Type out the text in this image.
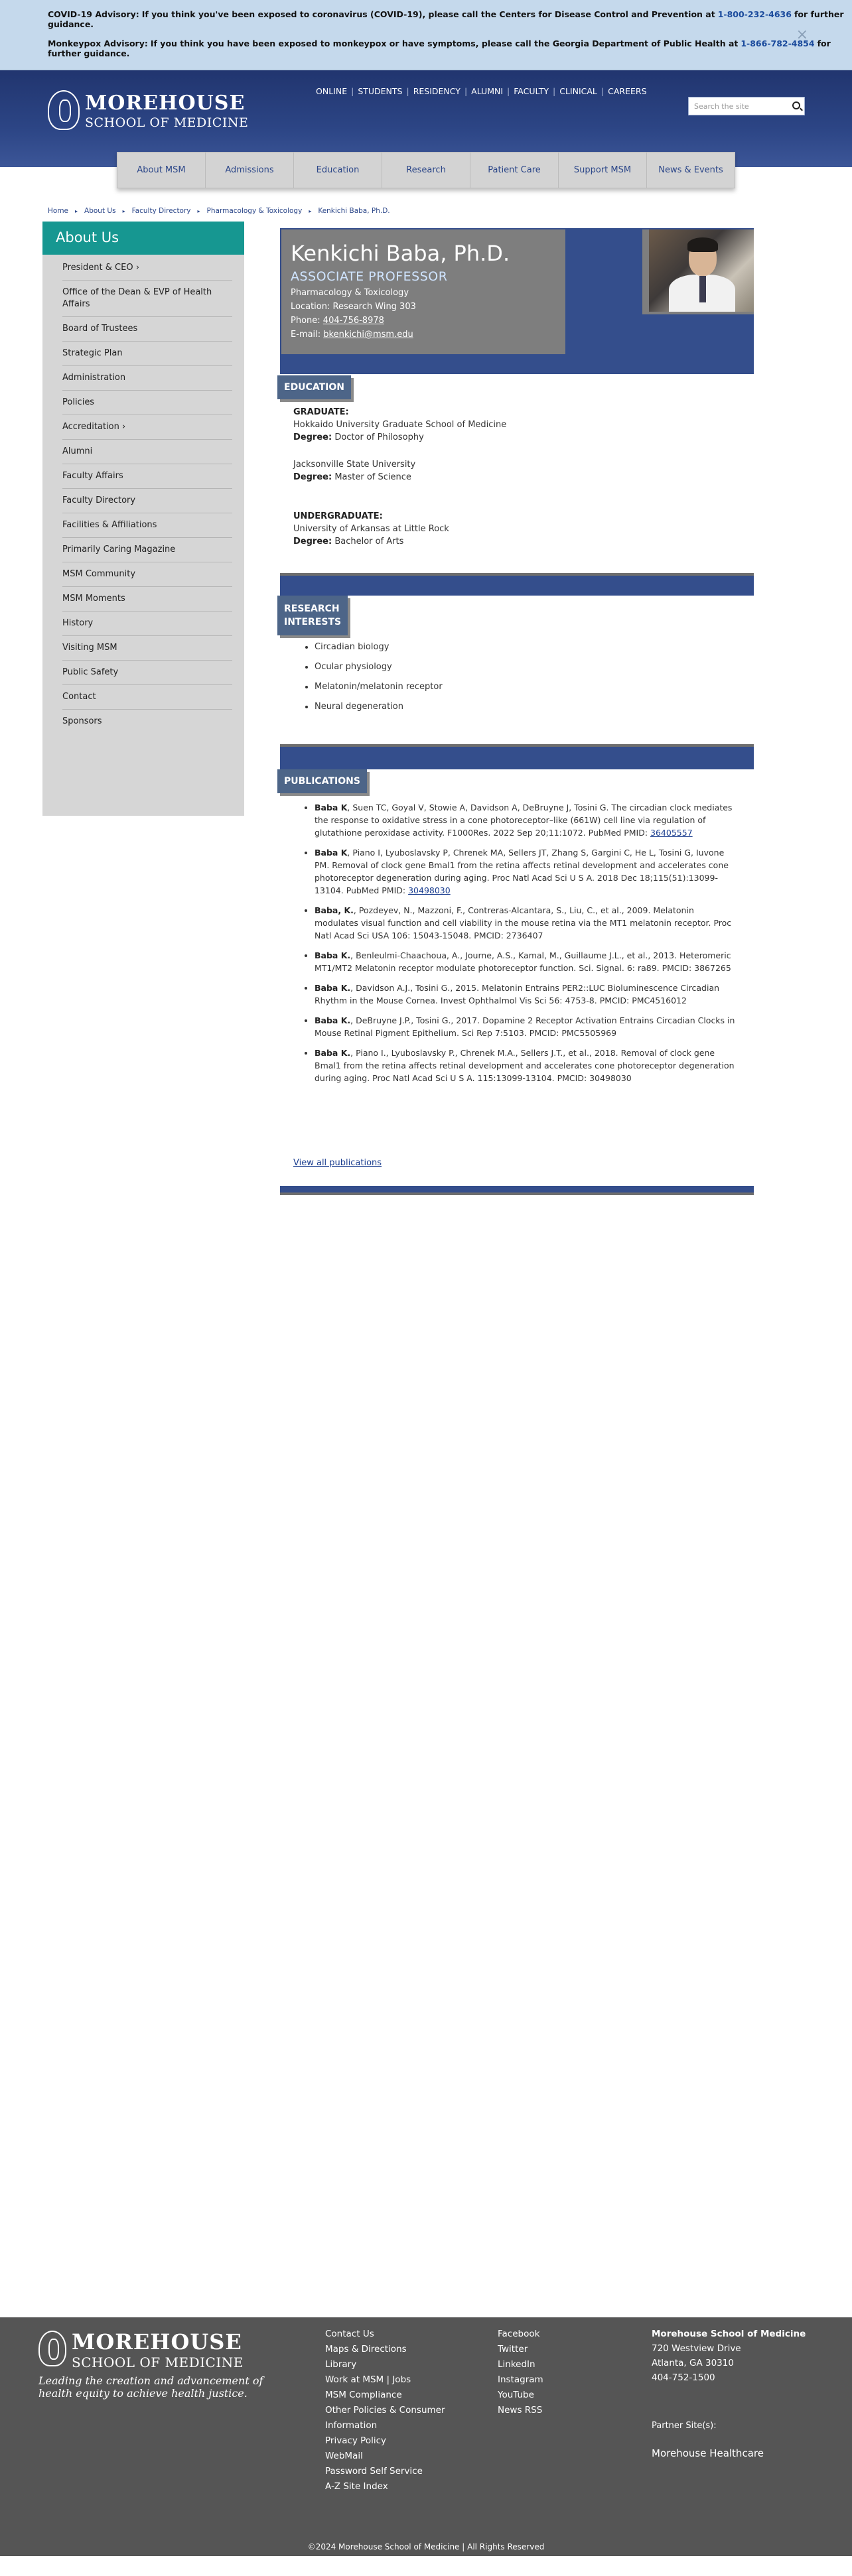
COVID-19 Advisory: If you think you've been exposed to coronavirus (COVID-19), please call the Centers for Disease Control and Prevention at 1-800-232-4636 for further guidance.
Monkeypox Advisory: If you think you have been exposed to monkeypox or have symptoms, please call the Georgia Department of Public Health at 1-866-782-4854 for further guidance.
×
MOREHOUSE
SCHOOL OF MEDICINE
ONLINE | STUDENTS | RESIDENCY | ALUMNI | FACULTY | CLINICAL | CAREERS
Search the site
About MSM	Admissions	Education	Research	Patient Care	Support MSM	News & Events
Home ▸ About Us ▸ Faculty Directory ▸ Pharmacology & Toxicology ▸ Kenkichi Baba, Ph.D.
About Us
President & CEO ›
Office of the Dean & EVP of Health Affairs
Board of Trustees
Strategic Plan
Administration
Policies
Accreditation ›
Alumni
Faculty Affairs
Faculty Directory
Facilities & Affiliations
Primarily Caring Magazine
MSM Community
MSM Moments
History
Visiting MSM
Public Safety
Contact
Sponsors
Kenkichi Baba, Ph.D.
ASSOCIATE PROFESSOR
Pharmacology & Toxicology
Location: Research Wing 303
Phone: 404-756-8978
E-mail: bkenkichi@msm.edu
EDUCATION
GRADUATE:
Hokkaido University Graduate School of Medicine
Degree: Doctor of Philosophy
Jacksonville State University
Degree: Master of Science
UNDERGRADUATE:
University of Arkansas at Little Rock
Degree: Bachelor of Arts
RESEARCH
INTERESTS
• Circadian biology
• Ocular physiology
• Melatonin/melatonin receptor
• Neural degeneration
PUBLICATIONS
• Baba K, Suen TC, Goyal V, Stowie A, Davidson A, DeBruyne J, Tosini G. The circadian clock mediates the response to oxidative stress in a cone photoreceptor–like (661W) cell line via regulation of glutathione peroxidase activity. F1000Res. 2022 Sep 20;11:1072. PubMed PMID: 36405557
• Baba K, Piano I, Lyuboslavsky P, Chrenek MA, Sellers JT, Zhang S, Gargini C, He L, Tosini G, Iuvone PM. Removal of clock gene Bmal1 from the retina affects retinal development and accelerates cone photoreceptor degeneration during aging. Proc Natl Acad Sci U S A. 2018 Dec 18;115(51):13099-13104. PubMed PMID: 30498030
• Baba, K., Pozdeyev, N., Mazzoni, F., Contreras-Alcantara, S., Liu, C., et al., 2009. Melatonin modulates visual function and cell viability in the mouse retina via the MT1 melatonin receptor. Proc Natl Acad Sci USA 106: 15043-15048. PMCID: 2736407
• Baba K., Benleulmi-Chaachoua, A., Journe, A.S., Kamal, M., Guillaume J.L., et al., 2013. Heteromeric MT1/MT2 Melatonin receptor modulate photoreceptor function. Sci. Signal. 6: ra89. PMCID: 3867265
• Baba K., Davidson A.J., Tosini G., 2015. Melatonin Entrains PER2::LUC Bioluminescence Circadian Rhythm in the Mouse Cornea. Invest Ophthalmol Vis Sci 56: 4753-8. PMCID: PMC4516012
• Baba K., DeBruyne J.P., Tosini G., 2017. Dopamine 2 Receptor Activation Entrains Circadian Clocks in Mouse Retinal Pigment Epithelium. Sci Rep 7:5103. PMCID: PMC5505969
• Baba K., Piano I., Lyuboslavsky P., Chrenek M.A., Sellers J.T., et al., 2018. Removal of clock gene Bmal1 from the retina affects retinal development and accelerates cone photoreceptor degeneration during aging. Proc Natl Acad Sci U S A. 115:13099-13104. PMCID: 30498030
View all publications
MOREHOUSE
SCHOOL OF MEDICINE
Leading the creation and advancement of health equity to achieve health justice.
Contact Us
Maps & Directions
Library
Work at MSM | Jobs
MSM Compliance
Other Policies & Consumer Information
Privacy Policy
WebMail
Password Self Service
A-Z Site Index
Facebook
Twitter
LinkedIn
Instagram
YouTube
News RSS
Morehouse School of Medicine
720 Westview Drive
Atlanta, GA 30310
404-752-1500
Partner Site(s):
Morehouse Healthcare
©2024 Morehouse School of Medicine | All Rights Reserved
